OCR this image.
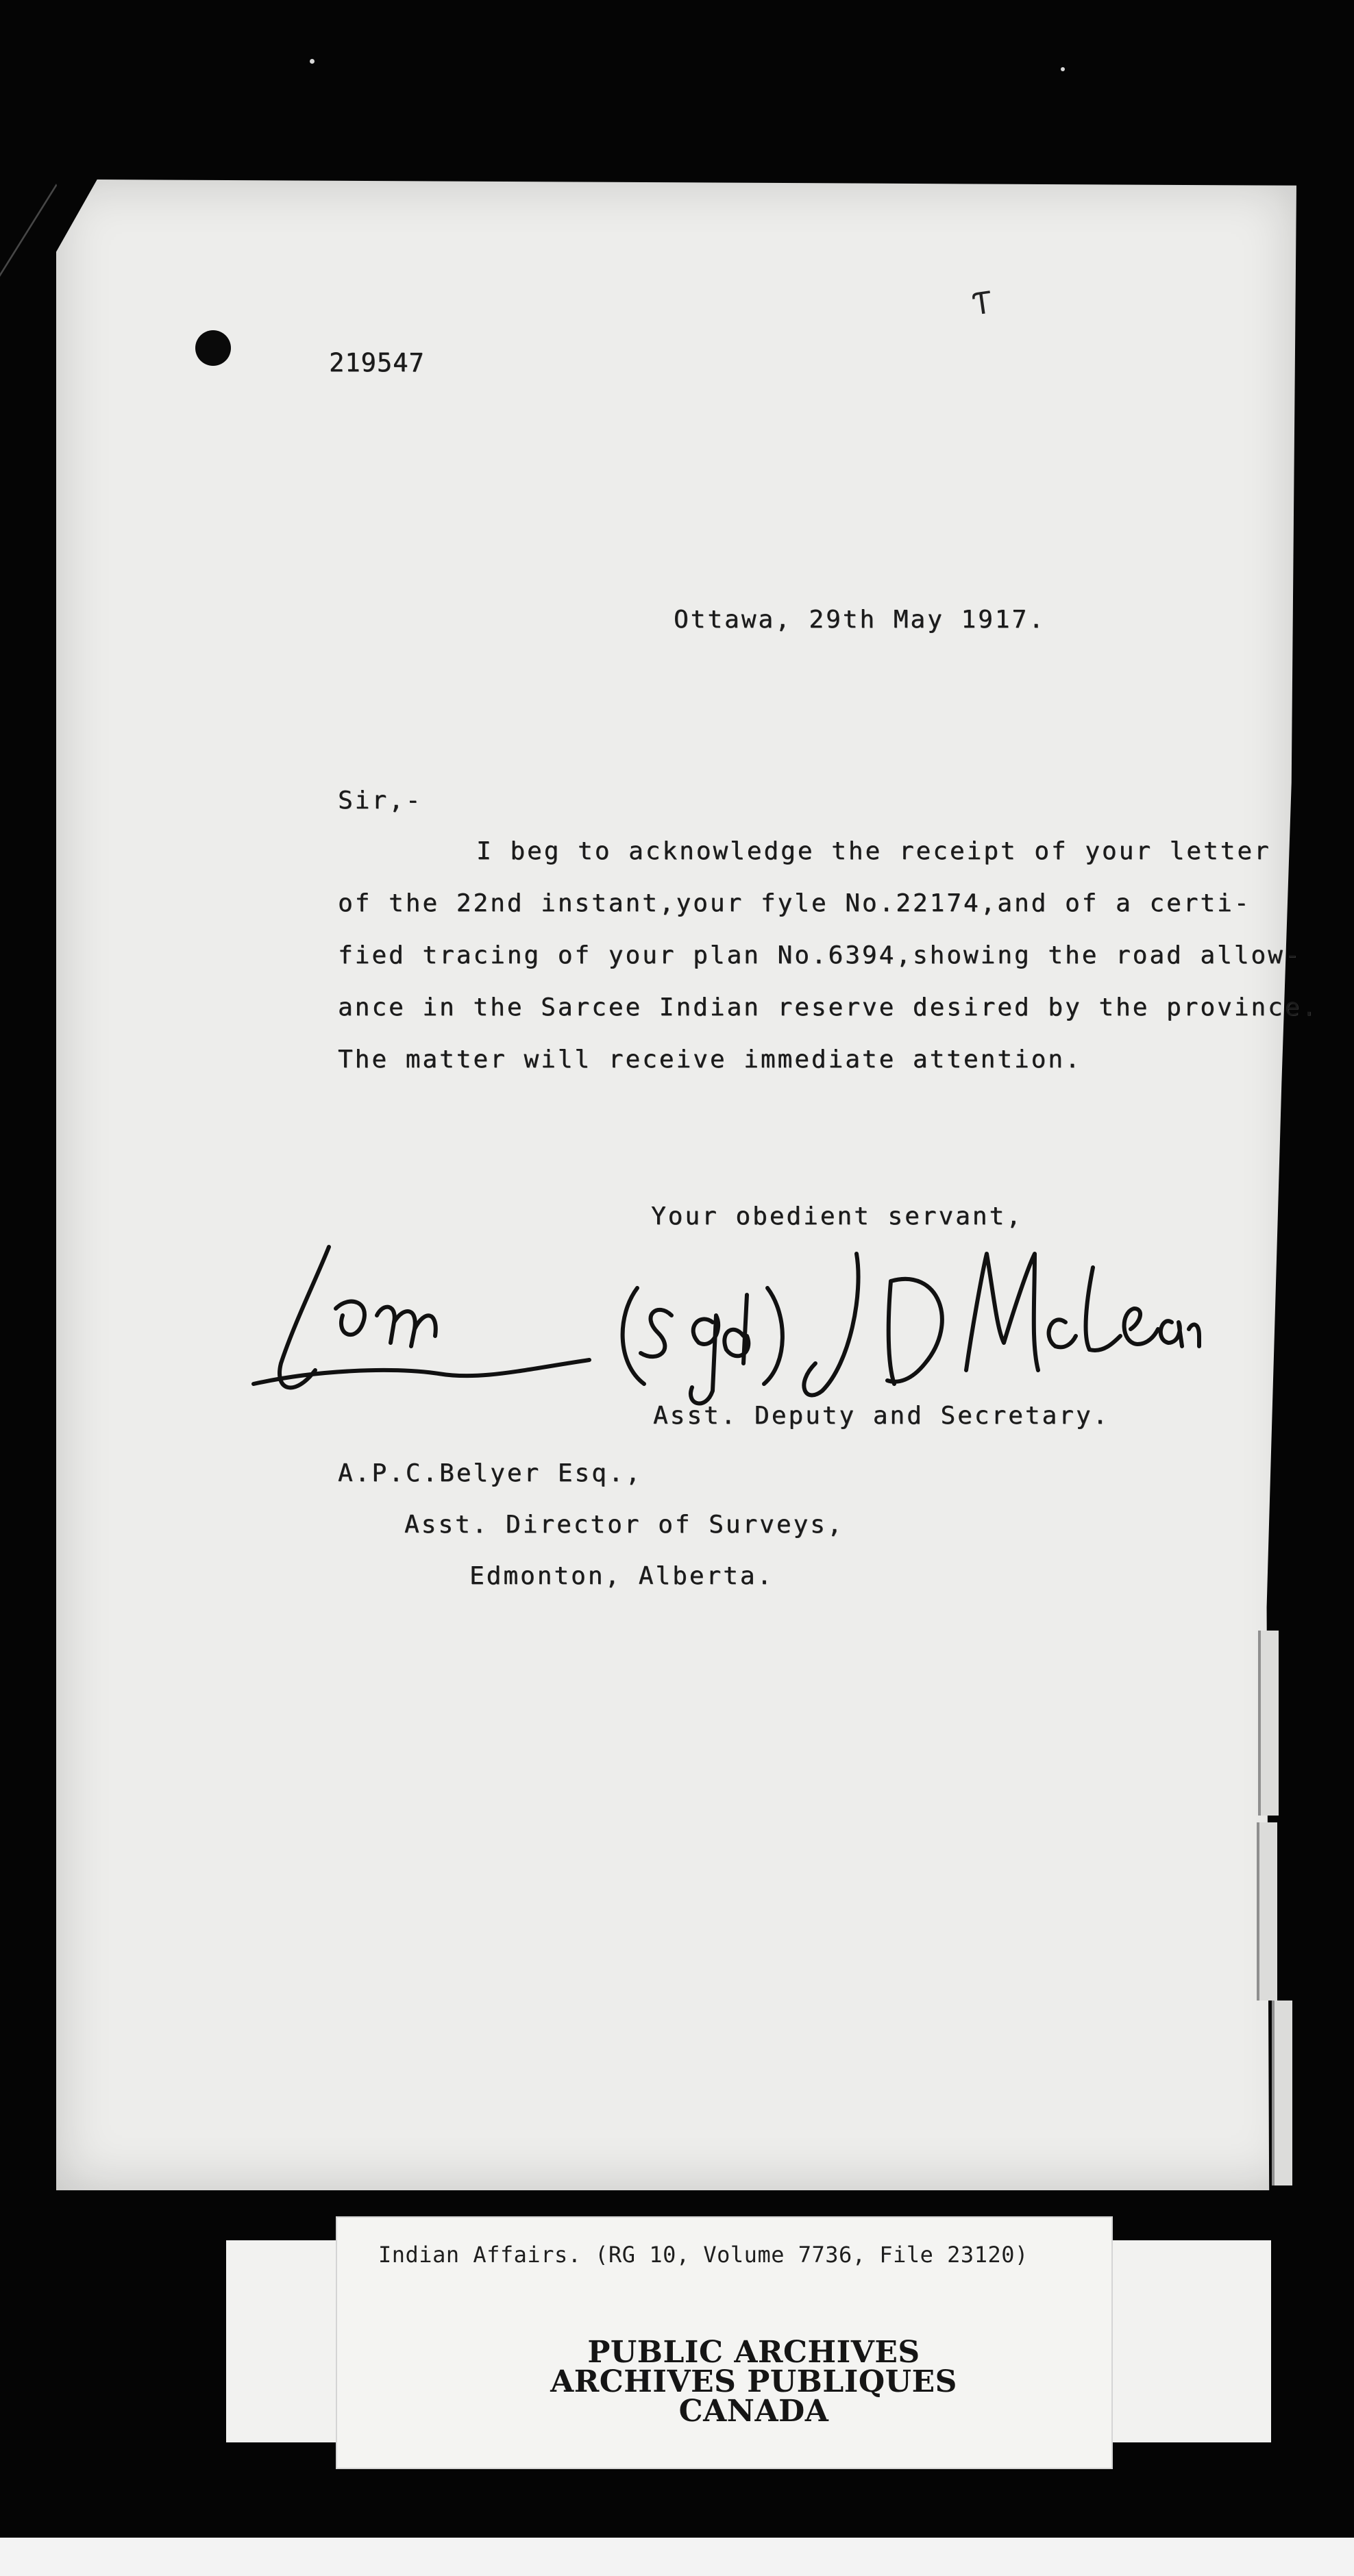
219547
Ƭ
Ottawa, 29th May 1917.
Sir,-
I beg to acknowledge the receipt of your letter
of the 22nd instant,your fyle No.22174,and of a certi-
fied tracing of your plan No.6394,showing the road allow-
ance in the Sarcee Indian reserve desired by the province.
The matter will receive immediate attention.
Your obedient servant,
Asst. Deputy and Secretary.
A.P.C.Belyer Esq.,
Asst. Director of Surveys,
Edmonton, Alberta.
Indian Affairs. (RG 10, Volume 7736, File 23120)
PUBLIC ARCHIVES
ARCHIVES PUBLIQUES
CANADA
